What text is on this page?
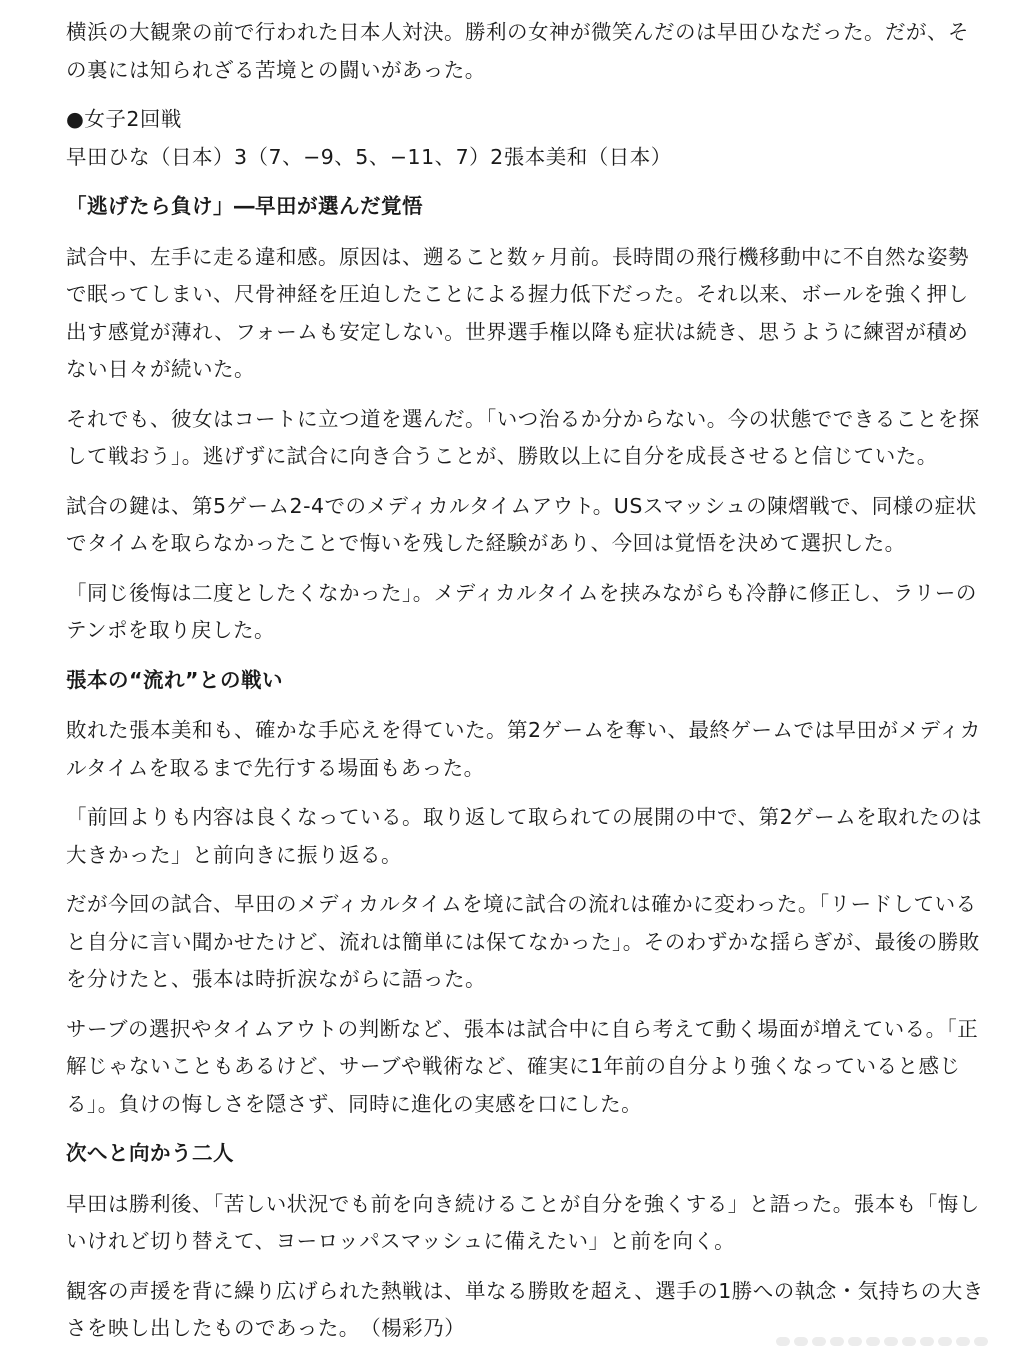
横浜の大観衆の前で行われた日本人対決。勝利の女神が微笑んだのは早田ひなだった。だが、その裏には知られざる苦境との闘いがあった。

●女子2回戦

早田ひな（日本）3（7、−9、5、−11、7）2張本美和（日本）

「逃げたら負け」―早田が選んだ覚悟

試合中、左手に走る違和感。原因は、遡ること数ヶ月前。長時間の飛行機移動中に不自然な姿勢で眠ってしまい、尺骨神経を圧迫したことによる握力低下だった。それ以来、ボールを強く押し出す感覚が薄れ、フォームも安定しない。世界選手権以降も症状は続き、思うように練習が積めない日々が続いた。

それでも、彼女はコートに立つ道を選んだ。「いつ治るか分からない。今の状態でできることを探して戦おう」。逃げずに試合に向き合うことが、勝敗以上に自分を成長させると信じていた。

試合の鍵は、第5ゲーム2-4でのメディカルタイムアウト。USスマッシュの陳熠戦で、同様の症状でタイムを取らなかったことで悔いを残した経験があり、今回は覚悟を決めて選択した。

「同じ後悔は二度としたくなかった」。メディカルタイムを挟みながらも冷静に修正し、ラリーのテンポを取り戻した。

張本の“流れ”との戦い

敗れた張本美和も、確かな手応えを得ていた。第2ゲームを奪い、最終ゲームでは早田がメディカルタイムを取るまで先行する場面もあった。

「前回よりも内容は良くなっている。取り返して取られての展開の中で、第2ゲームを取れたのは大きかった」と前向きに振り返る。

だが今回の試合、早田のメディカルタイムを境に試合の流れは確かに変わった。「リードしていると自分に言い聞かせたけど、流れは簡単には保てなかった」。そのわずかな揺らぎが、最後の勝敗を分けたと、張本は時折涙ながらに語った。

サーブの選択やタイムアウトの判断など、張本は試合中に自ら考えて動く場面が増えている。「正解じゃないこともあるけど、サーブや戦術など、確実に1年前の自分より強くなっていると感じる」。負けの悔しさを隠さず、同時に進化の実感を口にした。

次へと向かう二人

早田は勝利後、「苦しい状況でも前を向き続けることが自分を強くする」と語った。張本も「悔しいけれど切り替えて、ヨーロッパスマッシュに備えたい」と前を向く。

観客の声援を背に繰り広げられた熱戦は、単なる勝敗を超え、選手の1勝への執念・気持ちの大きさを映し出したものであった。　（楊彩乃）
